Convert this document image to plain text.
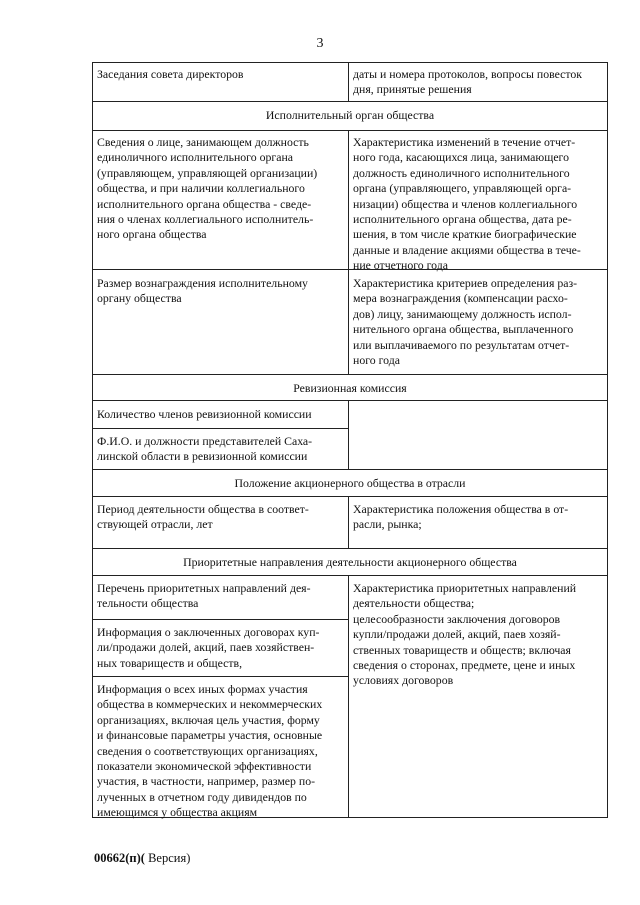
3
Заседания совета директоров	даты и номера протоколов, вопросы повесток
дня, принятые решения
Исполнительный орган общества
Сведения о лице, занимающем должность
единоличного исполнительного органа
(управляющем, управляющей организации)
общества, и при наличии коллегиального
исполнительного органа общества - сведе-
ния о членах коллегиального исполнитель-
ного органа общества
Характеристика изменений в течение отчет-
ного года, касающихся лица, занимающего
должность единоличного исполнительного
органа (управляющего, управляющей орга-
низации) общества и членов коллегиального
исполнительного органа общества, дата ре-
шения, в том числе краткие биографические
данные и владение акциями общества в тече-
ние отчетного года
Размер вознаграждения исполнительному
органу общества
Характеристика критериев определения раз-
мера вознаграждения (компенсации расхо-
дов) лицу, занимающему должность испол-
нительного органа общества, выплаченного
или выплачиваемого по результатам отчет-
ного года
Ревизионная комиссия
Количество членов ревизионной комиссии
Ф.И.О. и должности представителей Саха-
линской области в ревизионной комиссии
Положение акционерного общества в отрасли
Период деятельности общества в соответ-
ствующей отрасли, лет
Характеристика положения общества в от-
расли, рынка;
Приоритетные направления деятельности акционерного общества
Перечень приоритетных направлений дея-
тельности общества
Информация о заключенных договорах куп-
ли/продажи долей, акций, паев хозяйствен-
ных товариществ и обществ,
Информация о всех иных формах участия
общества в коммерческих и некоммерческих
организациях, включая цель участия, форму
и финансовые параметры участия, основные
сведения о соответствующих организациях,
показатели экономической эффективности
участия, в частности, например, размер по-
лученных в отчетном году дивидендов по
имеющимся у общества акциям
Характеристика приоритетных направлений
деятельности общества;
целесообразности заключения договоров
купли/продажи долей, акций, паев хозяй-
ственных товариществ и обществ; включая
сведения о сторонах, предмете, цене и иных
условиях договоров
00662(п)( Версия)
